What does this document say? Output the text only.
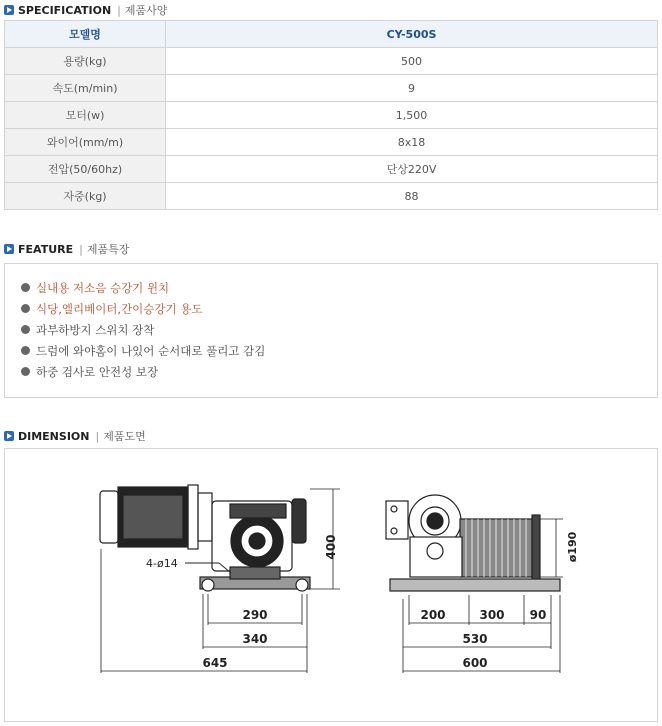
SPECIFICATION | 제품사양
모델명	CY-500S
용량(kg)	500
속도(m/min)	9
모터(w)	1,500
와이어(mm/m)	8x18
전압(50/60hz)	단상220V
자중(kg)	88
FEATURE | 제품특장
실내용 저소음 승강기 윈치
식당,엘리베이터,간이승강기 용도
과부하방지 스위치 장착
드럼에 와야홈이 나있어 순서대로 풀리고 감김
하중 검사로 안전성 보장
DIMENSION | 제품도면
4-ø14
400
290
340
645
200	300 90
530
600
ø190
